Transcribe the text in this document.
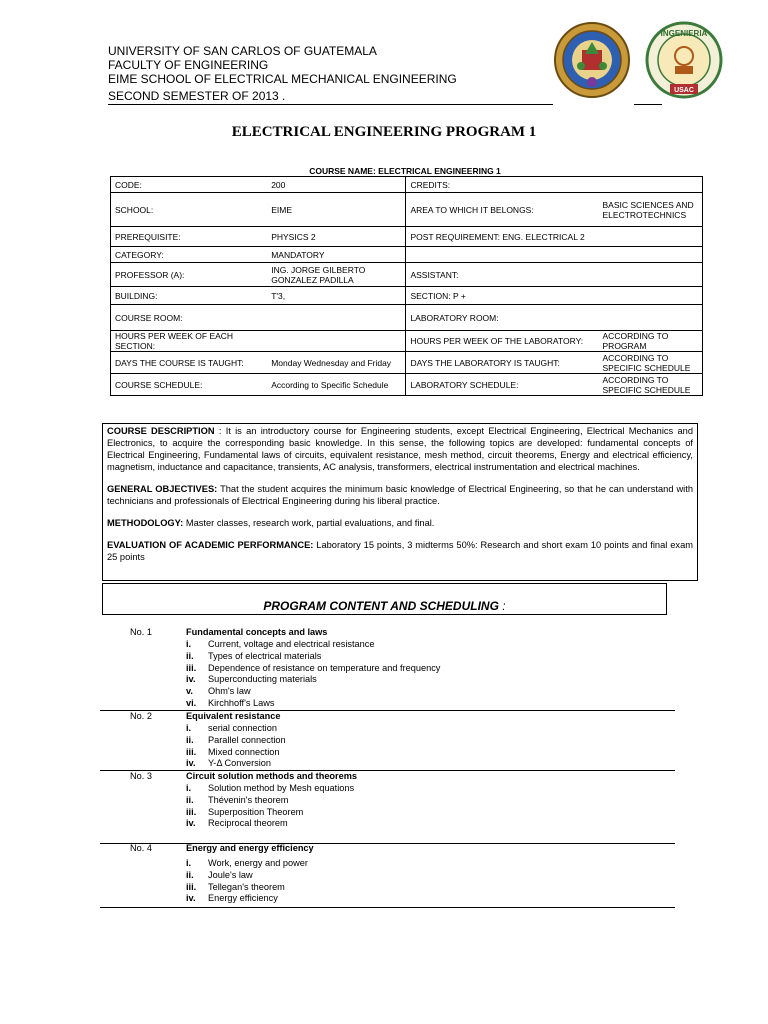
UNIVERSITY OF SAN CARLOS OF GUATEMALA
FACULTY OF ENGINEERING
EIME SCHOOL OF ELECTRICAL MECHANICAL ENGINEERING
SECOND SEMESTER OF 2013 .
INGENIERIA
USAC
ELECTRICAL ENGINEERING PROGRAM 1
COURSE NAME: ELECTRICAL ENGINEERING 1
CODE:	200	CREDITS:	
SCHOOL:	EIME	AREA TO WHICH IT BELONGS:	BASIC SCIENCES AND ELECTROTECHNICS
PREREQUISITE:	PHYSICS 2	POST REQUIREMENT: ENG. ELECTRICAL 2	
CATEGORY:	MANDATORY		
PROFESSOR (A):	ING. JORGE GILBERTO GONZALEZ PADILLA	ASSISTANT:	
BUILDING:	T'3,	SECTION: P +	
COURSE ROOM:		LABORATORY ROOM:	
HOURS PER WEEK OF EACH SECTION:		HOURS PER WEEK OF THE LABORATORY:	ACCORDING TO PROGRAM
DAYS THE COURSE IS TAUGHT:	Monday Wednesday and Friday	DAYS THE LABORATORY IS TAUGHT:	ACCORDING TO SPECIFIC SCHEDULE
COURSE SCHEDULE:	According to Specific Schedule	LABORATORY SCHEDULE:	ACCORDING TO SPECIFIC SCHEDULE

COURSE DESCRIPTION : It is an introductory course for Engineering students, except Electrical Engineering, Electrical Mechanics and Electronics, to acquire the corresponding basic knowledge. In this sense, the following topics are developed: fundamental concepts of Electrical Engineering, Fundamental laws of circuits, equivalent resistance, mesh method, circuit theorems, Energy and electrical efficiency, magnetism, inductance and capacitance, transients, AC analysis, transformers, electrical instrumentation and electrical machines.

GENERAL OBJECTIVES: That the student acquires the minimum basic knowledge of Electrical Engineering, so that he can understand with technicians and professionals of Electrical Engineering during his liberal practice.

METHODOLOGY: Master classes, research work, partial evaluations, and final.

EVALUATION OF ACADEMIC PERFORMANCE: Laboratory 15 points, 3 midterms 50%: Research and short exam 10 points and final exam 25 points

PROGRAM CONTENT AND SCHEDULING :
No. 1	Fundamental concepts and laws
i. Current, voltage and electrical resistance
ii. Types of electrical materials
iii. Dependence of resistance on temperature and frequency
iv. Superconducting materials
v. Ohm's law
vi. Kirchhoff's Laws
No. 2	Equivalent resistance
i. serial connection
ii. Parallel connection
iii. Mixed connection
iv. Y-Δ Conversion
No. 3	Circuit solution methods and theorems
i. Solution method by Mesh equations
ii. Thévenin's theorem
iii. Superposition Theorem
iv. Reciprocal theorem
No. 4	Energy and energy efficiency
i. Work, energy and power
ii. Joule's law
iii. Tellegan's theorem
iv. Energy efficiency
